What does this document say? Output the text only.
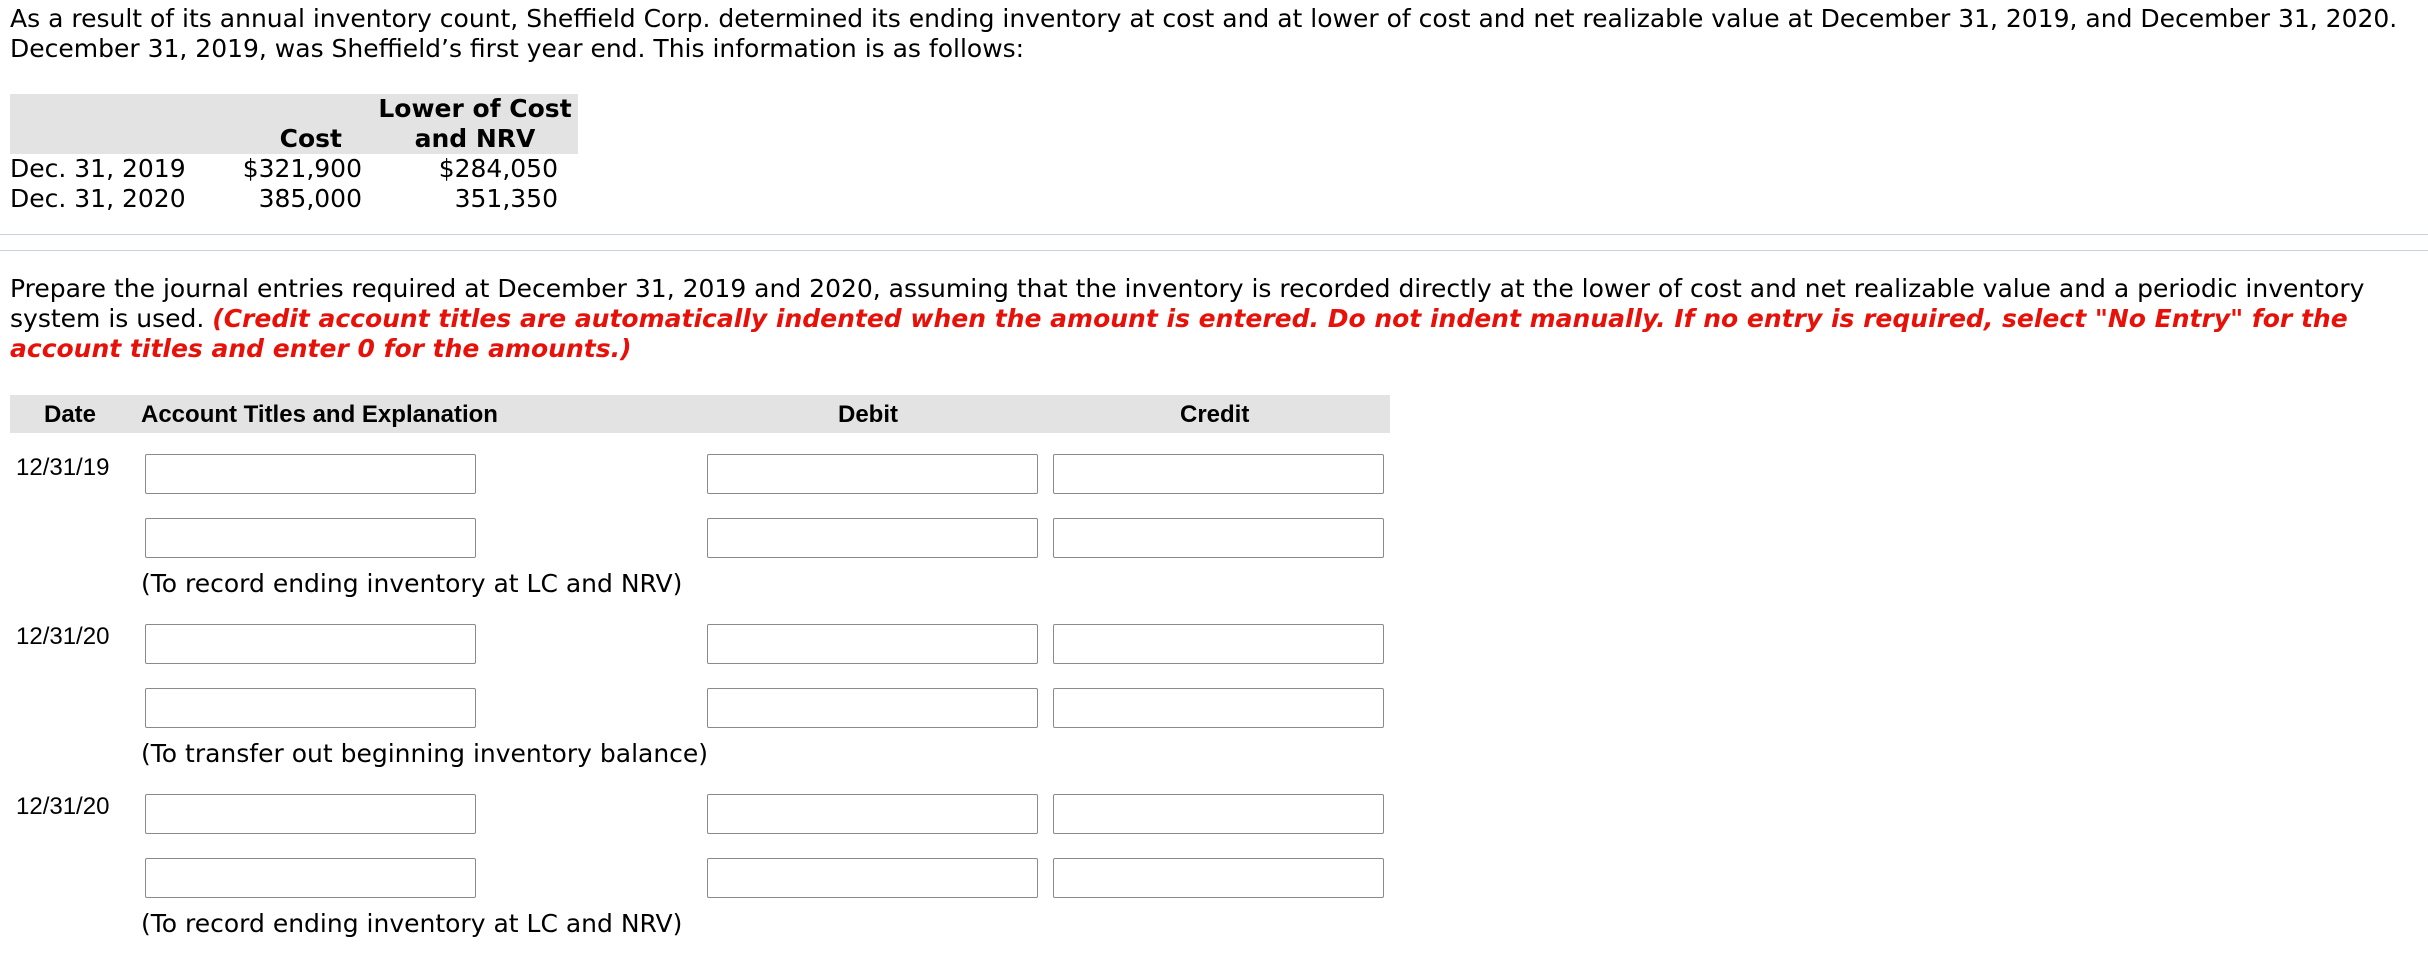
As a result of its annual inventory count, Sheffield Corp. determined its ending inventory at cost and at lower of cost and net realizable value at December 31, 2019, and December 31, 2020.

December 31, 2019, was Sheffield’s first year end. This information is as follows:

	Cost	Lower of Cost
and NRV
Dec. 31, 2019	$321,900	$284,050
Dec. 31, 2020	385,000	351,350
Prepare the journal entries required at December 31, 2019 and 2020, assuming that the inventory is recorded directly at the lower of cost and net realizable value and a periodic inventory system is used. (Credit account titles are automatically indented when the amount is entered. Do not indent manually. If no entry is required, select "No Entry" for the account titles and enter 0 for the amounts.)
Date Account Titles and Explanation	Debit	Credit
12/31/19
(To record ending inventory at LC and NRV)
12/31/20
(To transfer out beginning inventory balance)
12/31/20
(To record ending inventory at LC and NRV)
